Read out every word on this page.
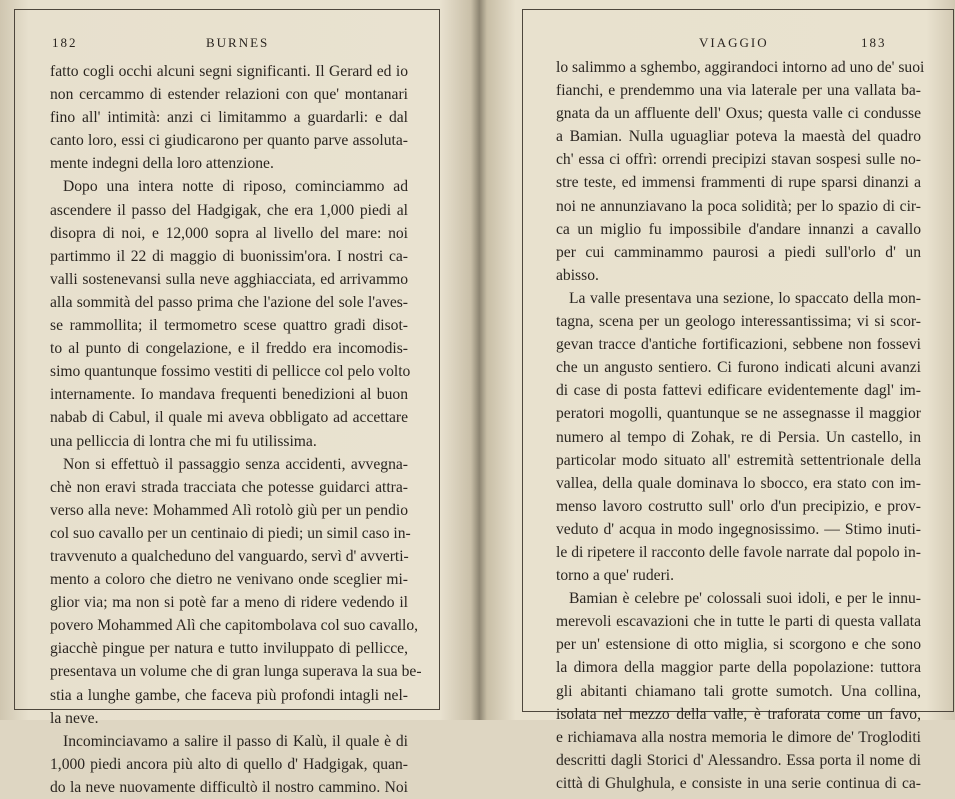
182	BURNES
fatto cogli occhi alcuni segni significanti. Il Gerard ed io
non cercammo di estender relazioni con que' montanari
fino all' intimità: anzi ci limitammo a guardarli: e dal
canto loro, essi ci giudicarono per quanto parve assoluta-
mente indegni della loro attenzione.
Dopo una intera notte di riposo, cominciammo ad
ascendere il passo del Hadgigak, che era 1,000 piedi al
disopra di noi, e 12,000 sopra al livello del mare: noi
partimmo il 22 di maggio di buonissim'ora. I nostri ca-
valli sostenevansi sulla neve agghiacciata, ed arrivammo
alla sommità del passo prima che l'azione del sole l'aves-
se rammollita; il termometro scese quattro gradi disot-
to al punto di congelazione, e il freddo era incomodis-
simo quantunque fossimo vestiti di pellicce col pelo volto
internamente. Io mandava frequenti benedizioni al buon
nabab di Cabul, il quale mi aveva obbligato ad accettare
una pelliccia di lontra che mi fu utilissima.
Non si effettuò il passaggio senza accidenti, avvegna-
chè non eravi strada tracciata che potesse guidarci attra-
verso alla neve: Mohammed Alì rotolò giù per un pendio
col suo cavallo per un centinaio di piedi; un simil caso in-
travvenuto a qualcheduno del vanguardo, servì d' avverti-
mento a coloro che dietro ne venivano onde sceglier mi-
glior via; ma non si potè far a meno di ridere vedendo il
povero Mohammed Alì che capitombolava col suo cavallo,
giacchè pingue per natura e tutto inviluppato di pellicce,
presentava un volume che di gran lunga superava la sua be-
stia a lunghe gambe, che faceva più profondi intagli nel-
la neve.
Incominciavamo a salire il passo di Kalù, il quale è di
1,000 piedi ancora più alto di quello d' Hadgigak, quan-
do la neve nuovamente difficultò il nostro cammino. Noi
VIAGGIO	183
lo salimmo a sghembo, aggirandoci intorno ad uno de' suoi
fianchi, e prendemmo una via laterale per una vallata ba-
gnata da un affluente dell' Oxus; questa valle ci condusse
a Bamian. Nulla uguagliar poteva la maestà del quadro
ch' essa ci offrì: orrendi precipizi stavan sospesi sulle no-
stre teste, ed immensi frammenti di rupe sparsi dinanzi a
noi ne annunziavano la poca solidità; per lo spazio di cir-
ca un miglio fu impossibile d'andare innanzi a cavallo
per cui camminammo paurosi a piedi sull'orlo d' un
abisso.
La valle presentava una sezione, lo spaccato della mon-
tagna, scena per un geologo interessantissima; vi si scor-
gevan tracce d'antiche fortificazioni, sebbene non fossevi
che un angusto sentiero. Ci furono indicati alcuni avanzi
di case di posta fattevi edificare evidentemente dagl' im-
peratori mogolli, quantunque se ne assegnasse il maggior
numero al tempo di Zohak, re di Persia. Un castello, in
particolar modo situato all' estremità settentrionale della
vallea, della quale dominava lo sbocco, era stato con im-
menso lavoro costrutto sull' orlo d'un precipizio, e prov-
veduto d' acqua in modo ingegnosissimo. — Stimo inuti-
le di ripetere il racconto delle favole narrate dal popolo in-
torno a que' ruderi.
Bamian è celebre pe' colossali suoi idoli, e per le innu-
merevoli escavazioni che in tutte le parti di questa vallata
per un' estensione di otto miglia, si scorgono e che sono
la dimora della maggior parte della popolazione: tuttora
gli abitanti chiamano tali grotte sumotch. Una collina,
isolata nel mezzo della valle, è traforata come un favo,
e richiamava alla nostra memoria le dimore de' Trogloditi
descritti dagli Storici d' Alessandro. Essa porta il nome di
città di Ghulghula, e consiste in una serie continua di ca-
